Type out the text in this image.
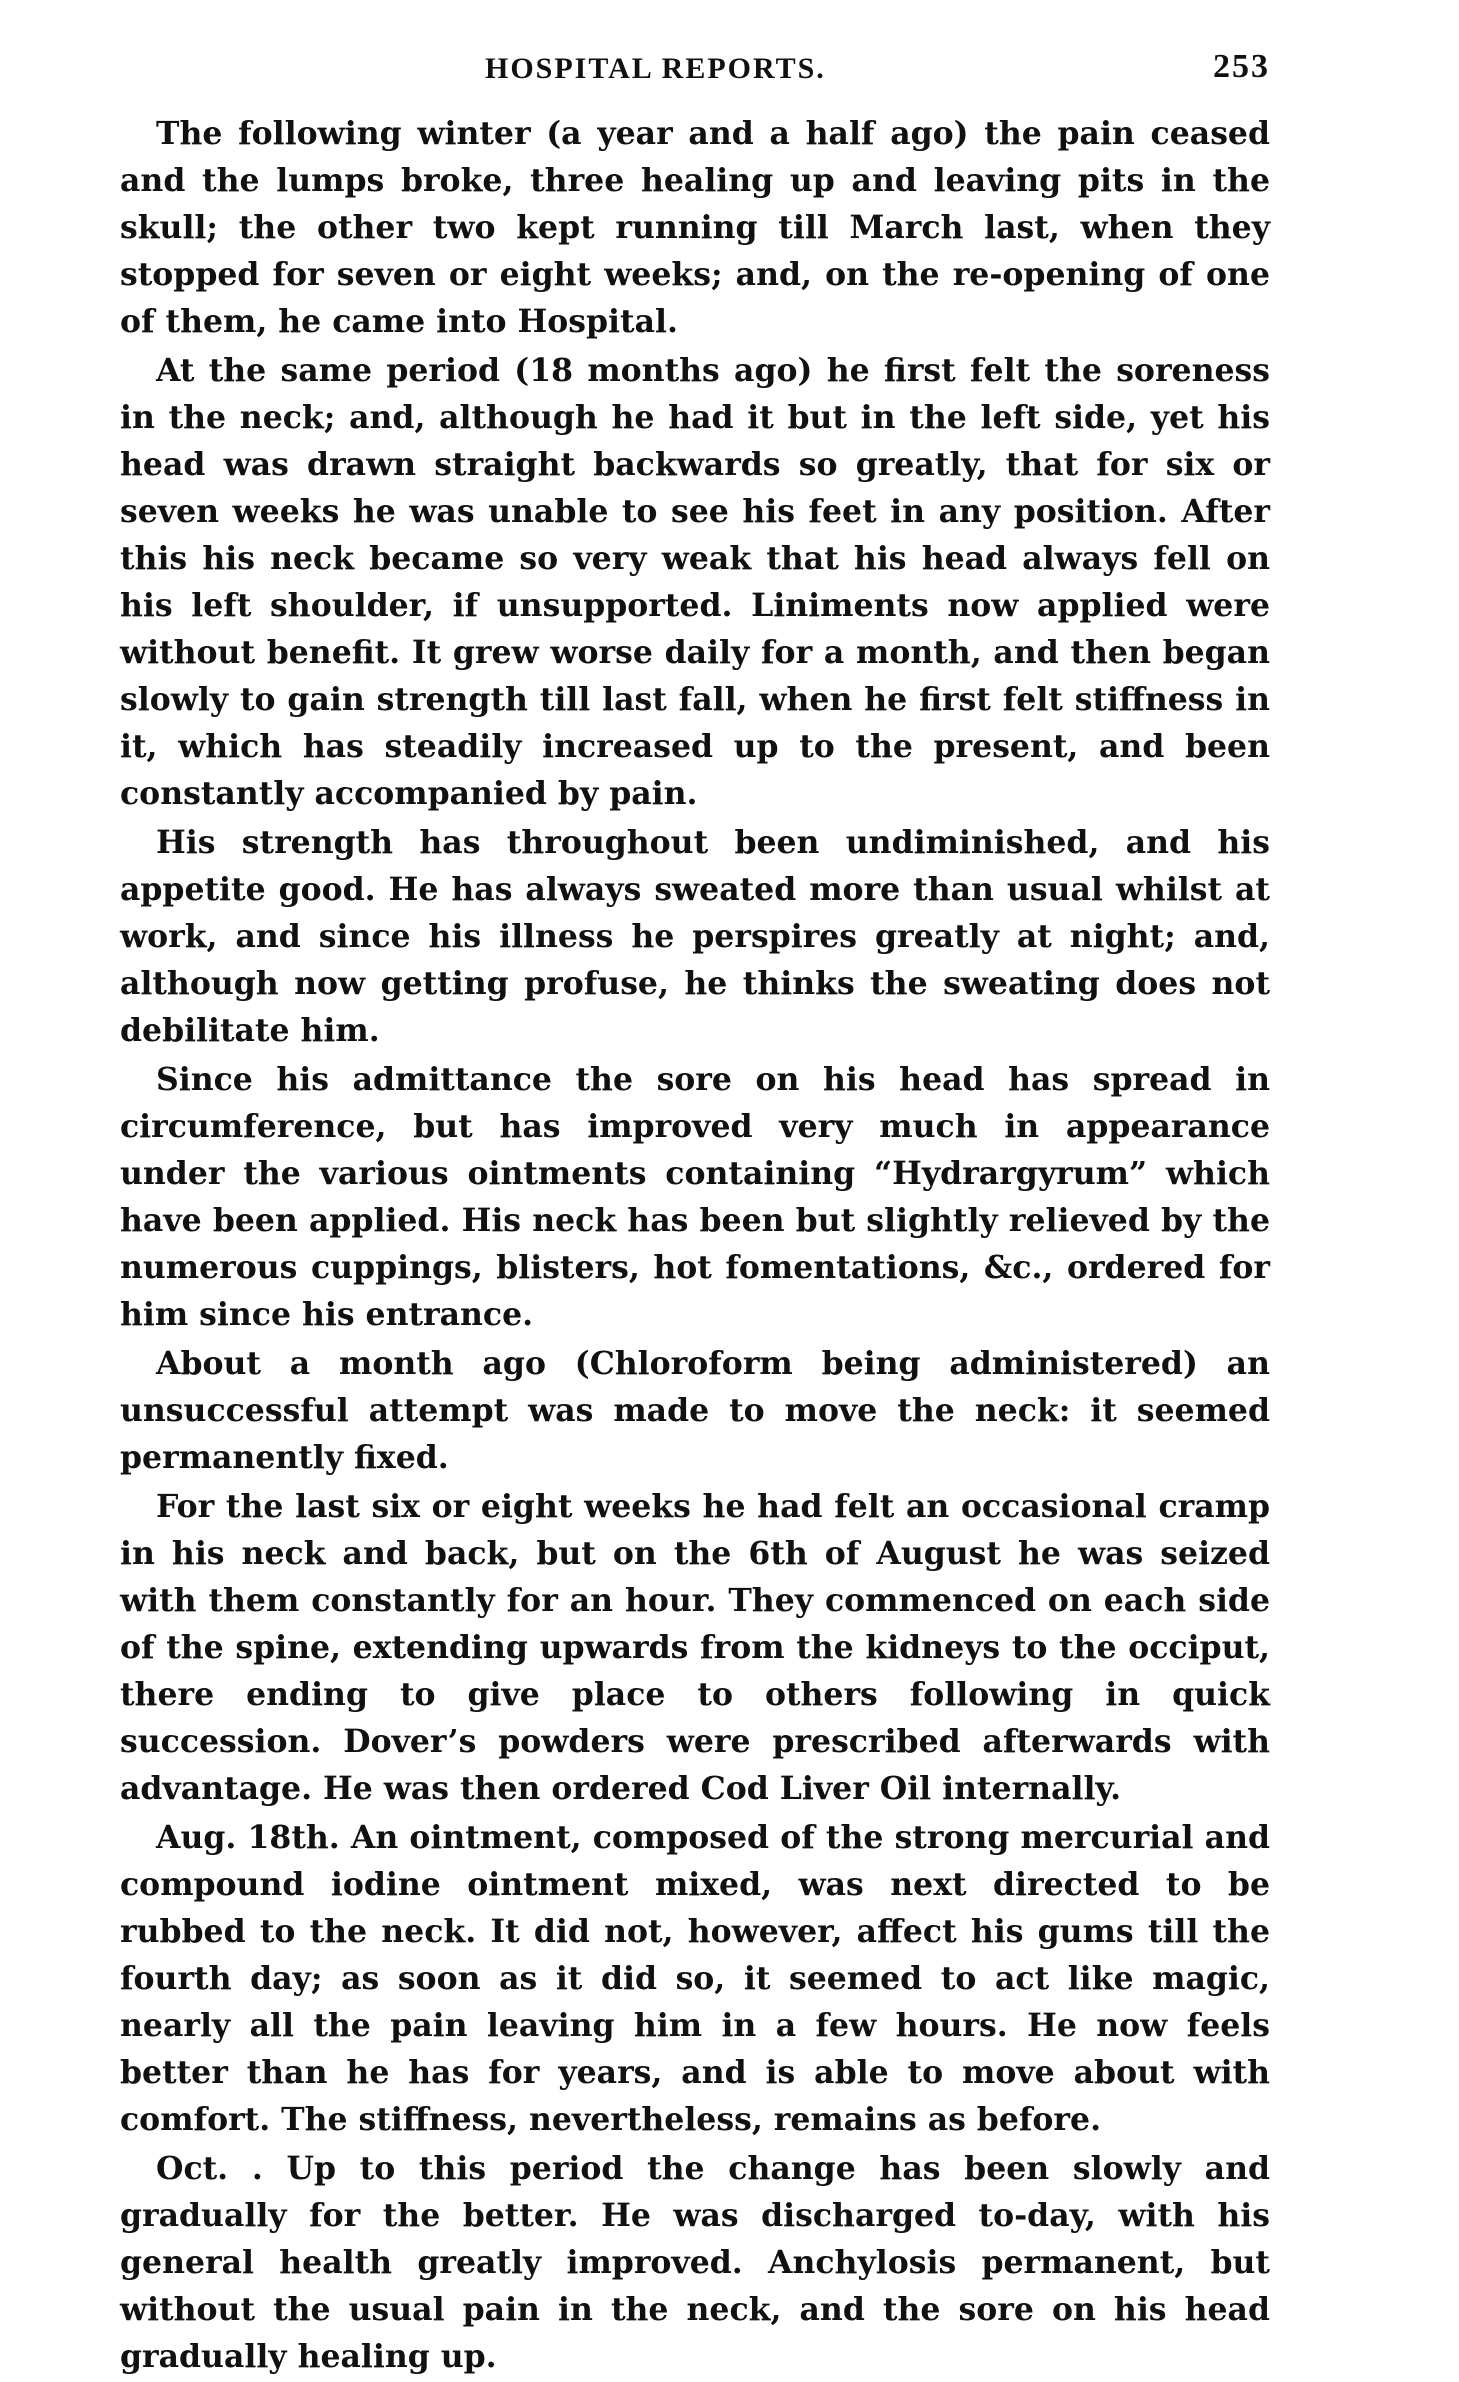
HOSPITAL REPORTS.	253

The following winter (a year and a half ago) the pain ceased and the lumps broke, three healing up and leaving pits in the skull; the other two kept running till March last, when they stopped for seven or eight weeks; and, on the re-opening of one of them, he came into Hospital.

At the same period (18 months ago) he first felt the soreness in the neck; and, although he had it but in the left side, yet his head was drawn straight backwards so greatly, that for six or seven weeks he was unable to see his feet in any position. After this his neck became so very weak that his head always fell on his left shoulder, if unsupported. Liniments now applied were without benefit. It grew worse daily for a month, and then began slowly to gain strength till last fall, when he first felt stiffness in it, which has steadily increased up to the present, and been constantly accompanied by pain.

His strength has throughout been undiminished, and his appetite good. He has always sweated more than usual whilst at work, and since his illness he perspires greatly at night; and, although now getting profuse, he thinks the sweating does not debilitate him.

Since his admittance the sore on his head has spread in circumference, but has improved very much in appearance under the various ointments containing “Hydrargyrum” which have been applied. His neck has been but slightly relieved by the numerous cuppings, blisters, hot fomentations, &c., ordered for him since his entrance.

About a month ago (Chloroform being administered) an unsuccessful attempt was made to move the neck: it seemed permanently fixed.

For the last six or eight weeks he had felt an occasional cramp in his neck and back, but on the 6th of August he was seized with them constantly for an hour. They commenced on each side of the spine, extending upwards from the kidneys to the occiput, there ending to give place to others following in quick succession. Dover’s powders were prescribed afterwards with advantage. He was then ordered Cod Liver Oil internally.

Aug. 18th. An ointment, composed of the strong mercurial and compound iodine ointment mixed, was next directed to be rubbed to the neck. It did not, however, affect his gums till the fourth day; as soon as it did so, it seemed to act like magic, nearly all the pain leaving him in a few hours. He now feels better than he has for years, and is able to move about with comfort. The stiffness, nevertheless, remains as before.

Oct. . Up to this period the change has been slowly and gradually for the better. He was discharged to-day, with his general health greatly improved. Anchylosis permanent, but without the usual pain in the neck, and the sore on his head gradually healing up.
